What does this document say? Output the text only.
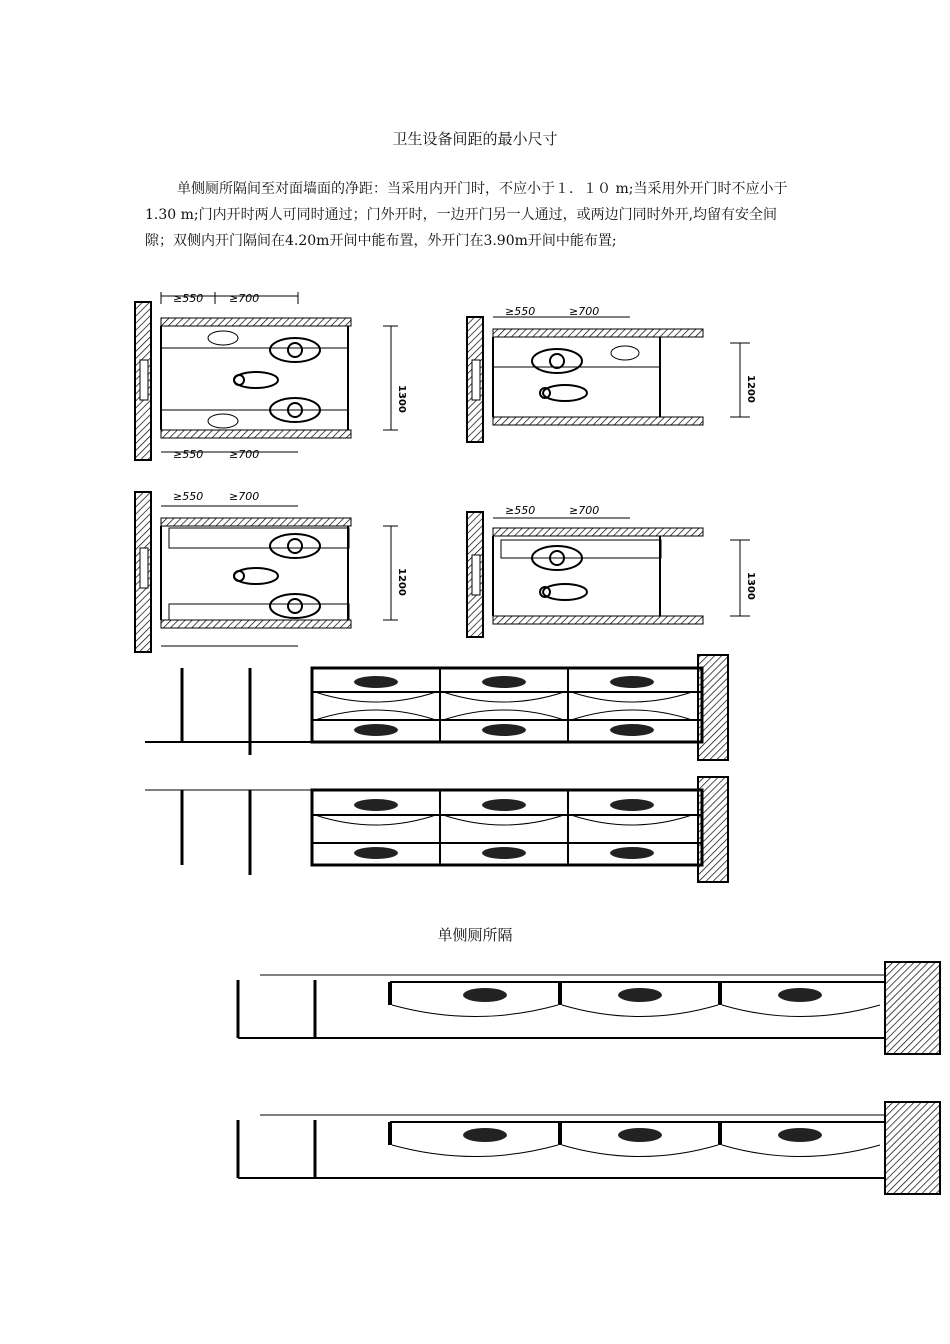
卫生设备间距的最小尺寸

单侧厕所隔间至对面墙面的净距：当采用内开门时，不应小于１．１０ m;当采用外开门时不应小于1.30 m;门内开时两人可同时通过；门外开时，一边开门另一人通过，或两边门同时外开,均留有安全间隙；双侧内开门隔间在4.20m开间中能布置，外开门在3.90m开间中能布置;

≥550 ≥700
1300
≥550 ≥700
≥550	≥700
1200
≥550 ≥700
1200
≥550	≥700
1300
单侧厕所隔
